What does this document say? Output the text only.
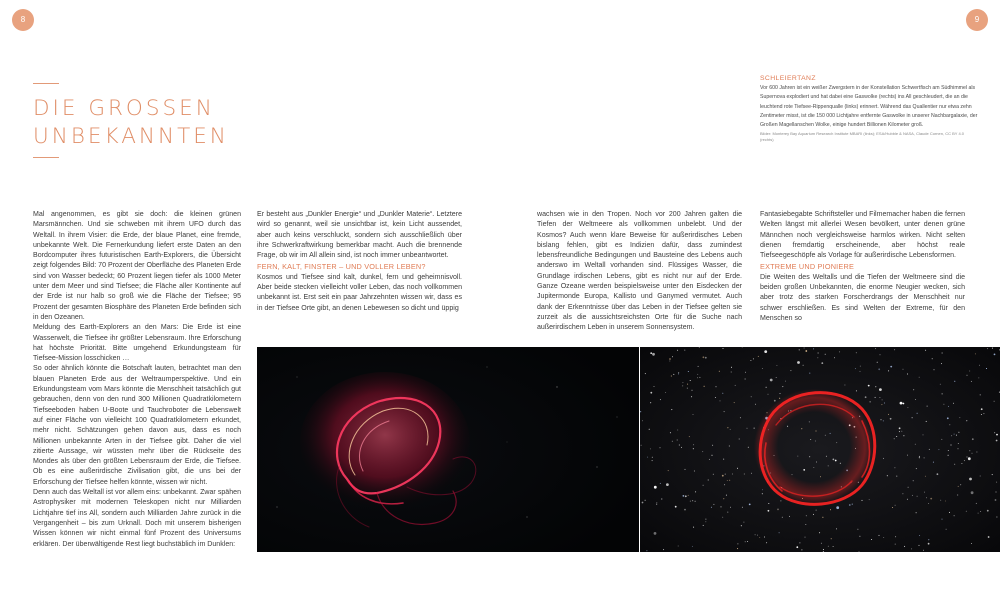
8	9
DIE GROSSEN
UNBEKANNTEN
SCHLEIERTANZ
Vor 600 Jahren ist ein weißer Zwergstern in der Konstellation Schwertfisch am Südhimmel als Supernova explodiert und hat dabei eine Gaswolke (rechts) ins All geschleudert, die an die leuchtend rote Tiefsee-Rippenqualle (links) erinnert. Während das Quallentier nur etwa zehn Zentimeter misst, ist die 150 000 Lichtjahre entfernte Gaswolke in unserer Nachbargalaxie, der Großen Magellanschen Wolke, einige hundert Billionen Kilometer groß.
Bilder: Monterey Bay Aquarium Research Institute MBARI (links); ESA/Hubble & NASA, Claude Cornen, CC BY 4.0 (rechts)

Mal angenommen, es gibt sie doch: die kleinen grünen Marsmännchen. Und sie schweben mit ihrem UFO durch das Weltall. In ihrem Visier: die Erde, der blaue Planet, eine fremde, unbekannte Welt. Die Fernerkundung liefert erste Daten an den Bordcomputer ihres futuristischen Earth-Explorers, die Übersicht zeigt folgendes Bild: 70 Prozent der Oberfläche des Planeten Erde sind von Wasser bedeckt; 60 Prozent liegen tiefer als 1000 Meter unter dem Meer und sind Tiefsee; die Fläche aller Kontinente auf der Erde ist nur halb so groß wie die Fläche der Tiefsee; 95 Prozent der gesamten Biosphäre des Planeten Erde befinden sich in den Ozeanen.

Meldung des Earth-Explorers an den Mars: Die Erde ist eine Wasserwelt, die Tiefsee ihr größter Lebensraum. Ihre Erforschung hat höchste Priorität. Bitte umgehend Erkundungsteam für Tiefsee-Mission losschicken …

So oder ähnlich könnte die Botschaft lauten, betrachtet man den blauen Planeten Erde aus der Weltraumperspektive. Und ein Erkundungsteam vom Mars könnte die Menschheit tatsächlich gut gebrauchen, denn von den rund 300 Millionen Quadratkilometern Tiefseeboden haben U-Boote und Tauchroboter die Lebenswelt auf einer Fläche von vielleicht 100 Quadratkilometern erkundet, mehr nicht. Schätzungen gehen davon aus, dass es noch Millionen unbekannte Arten in der Tiefsee gibt. Daher die viel zitierte Aussage, wir wüssten mehr über die Rückseite des Mondes als über den größten Lebensraum der Erde, die Tiefsee. Ob es eine außerirdische Zivilisation gibt, die uns bei der Erforschung der Tiefsee helfen könnte, wissen wir nicht.

Denn auch das Weltall ist vor allem eins: unbekannt. Zwar spähen Astrophysiker mit modernen Teleskopen nicht nur Milliarden Lichtjahre tief ins All, sondern auch Milliarden Jahre zurück in die Vergangenheit – bis zum Urknall. Doch mit unserem bisherigen Wissen können wir nicht einmal fünf Prozent des Universums erklären. Der überwältigende Rest liegt buchstäblich im Dunklen:

Er besteht aus „Dunkler Energie“ und „Dunkler Materie“. Letztere wird so genannt, weil sie unsichtbar ist, kein Licht aussendet, aber auch keins verschluckt, sondern sich ausschließlich über ihre Schwerkraftwirkung bemerkbar macht. Auch die brennende Frage, ob wir im All allein sind, ist noch immer unbeantwortet.

FERN, KALT, FINSTER – UND VOLLER LEBEN?

Kosmos und Tiefsee sind kalt, dunkel, fern und geheimnisvoll. Aber beide stecken vielleicht voller Leben, das noch vollkommen unbekannt ist. Erst seit ein paar Jahrzehnten wissen wir, dass es in der Tiefsee Orte gibt, an denen Lebewesen so dicht und üppig

wachsen wie in den Tropen. Noch vor 200 Jahren galten die Tiefen der Weltmeere als vollkommen unbelebt. Und der Kosmos? Auch wenn klare Beweise für außerirdisches Leben bislang fehlen, gibt es Indizien dafür, dass zumindest lebensfreundliche Bedingungen und Bausteine des Lebens auch anderswo im Weltall vorhanden sind. Flüssiges Wasser, die Grundlage irdischen Lebens, gibt es nicht nur auf der Erde. Ganze Ozeane werden beispielsweise unter den Eisdecken der Jupitermonde Europa, Kallisto und Ganymed vermutet. Auch dank der Erkenntnisse über das Leben in der Tiefsee gelten sie zurzeit als die aussichtsreichsten Orte für die Suche nach außerirdischem Leben in unserem Sonnensystem.

Fantasiebegabte Schriftsteller und Filmemacher haben die fernen Welten längst mit allerlei Wesen bevölkert, unter denen grüne Männchen noch vergleichsweise harmlos wirken. Nicht selten dienen fremdartig erscheinende, aber höchst reale Tiefseegeschöpfe als Vorlage für außerirdische Lebensformen.

EXTREME UND PIONIERE

Die Weiten des Weltalls und die Tiefen der Weltmeere sind die beiden großen Unbekannten, die enorme Neugier wecken, sich aber trotz des starken Forscherdrangs der Menschheit nur schwer erschließen. Es sind Welten der Extreme, für den Menschen so
